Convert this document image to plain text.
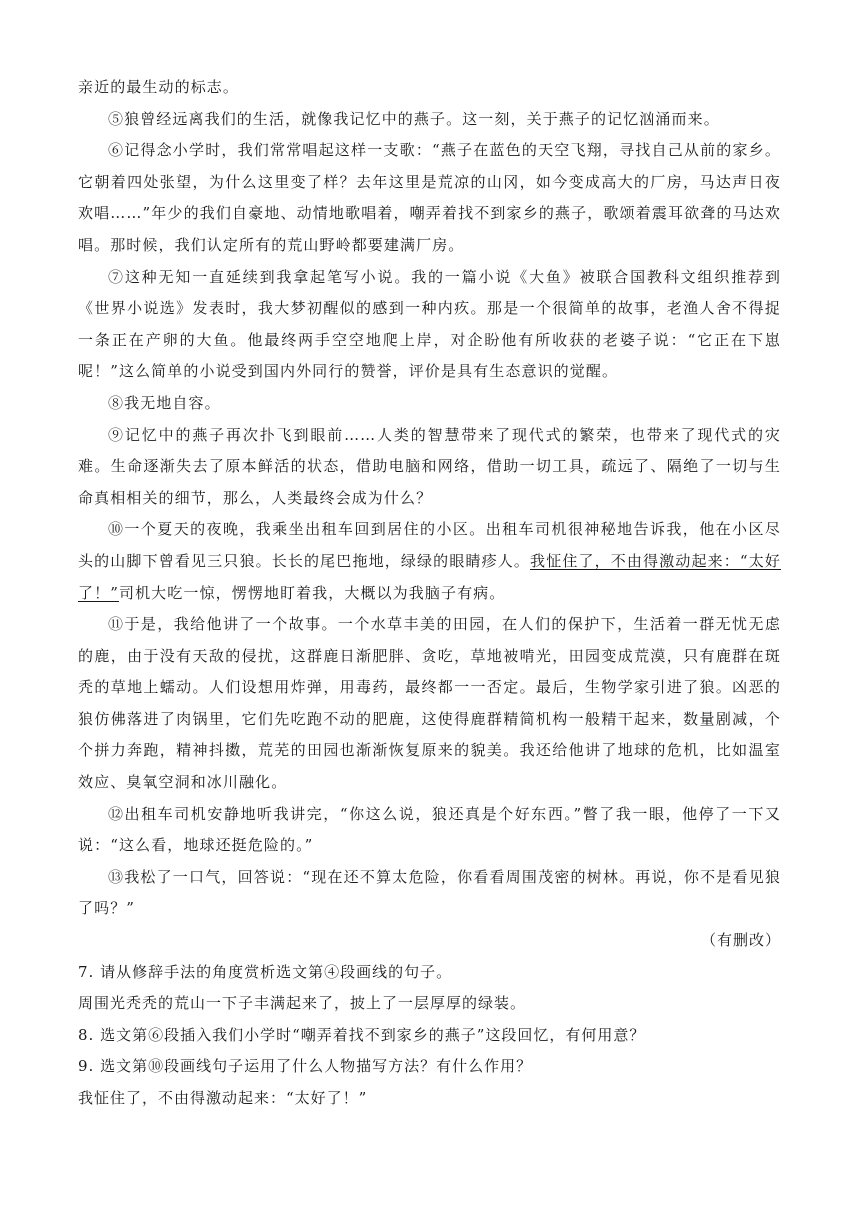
亲近的最生动的标志。

⑤狼曾经远离我们的生活，就像我记忆中的燕子。这一刻，关于燕子的记忆汹涌而来。

⑥记得念小学时，我们常常唱起这样一支歌：“燕子在蓝色的天空飞翔，寻找自己从前的家乡。它朝着四处张望，为什么这里变了样？去年这里是荒凉的山冈，如今变成高大的厂房，马达声日夜欢唱……”年少的我们自豪地、动情地歌唱着，嘲弄着找不到家乡的燕子，歌颂着震耳欲聋的马达欢唱。那时候，我们认定所有的荒山野岭都要建满厂房。

⑦这种无知一直延续到我拿起笔写小说。我的一篇小说《大鱼》被联合国教科文组织推荐到《世界小说选》发表时，我大梦初醒似的感到一种内疚。那是一个很简单的故事，老渔人舍不得捉一条正在产卵的大鱼。他最终两手空空地爬上岸，对企盼他有所收获的老婆子说：“它正在下崽呢！”这么简单的小说受到国内外同行的赞誉，评价是具有生态意识的觉醒。

⑧我无地自容。

⑨记忆中的燕子再次扑飞到眼前……人类的智慧带来了现代式的繁荣，也带来了现代式的灾难。生命逐渐失去了原本鲜活的状态，借助电脑和网络，借助一切工具，疏远了、隔绝了一切与生命真相相关的细节，那么，人类最终会成为什么？

⑩一个夏天的夜晚，我乘坐出租车回到居住的小区。出租车司机很神秘地告诉我，他在小区尽头的山脚下曾看见三只狼。长长的尾巴拖地，绿绿的眼睛疹人。我怔住了，不由得激动起来：“太好了！”司机大吃一惊，愣愣地盯着我，大概以为我脑子有病。

⑪于是，我给他讲了一个故事。一个水草丰美的田园，在人们的保护下，生活着一群无忧无虑的鹿，由于没有天敌的侵扰，这群鹿日渐肥胖、贪吃，草地被啃光，田园变成荒漠，只有鹿群在斑秃的草地上蠕动。人们设想用炸弹，用毒药，最终都一一否定。最后，生物学家引进了狼。凶恶的狼仿佛落进了肉锅里，它们先吃跑不动的肥鹿，这使得鹿群精简机构一般精干起来，数量剧减，个个拼力奔跑，精神抖擞，荒芜的田园也渐渐恢复原来的貌美。我还给他讲了地球的危机，比如温室效应、臭氧空洞和冰川融化。

⑫出租车司机安静地听我讲完，“你这么说，狼还真是个好东西。”瞥了我一眼，他停了一下又说：“这么看，地球还挺危险的。”

⑬我松了一口气，回答说：“现在还不算太危险，你看看周围茂密的树林。再说，你不是看见狼了吗？”

（有删改）

7. 请从修辞手法的角度赏析选文第④段画线的句子。

周围光秃秃的荒山一下子丰满起来了，披上了一层厚厚的绿装。

8. 选文第⑥段插入我们小学时“嘲弄着找不到家乡的燕子”这段回忆，有何用意？

9. 选文第⑩段画线句子运用了什么人物描写方法？有什么作用？

我怔住了，不由得激动起来：“太好了！”
